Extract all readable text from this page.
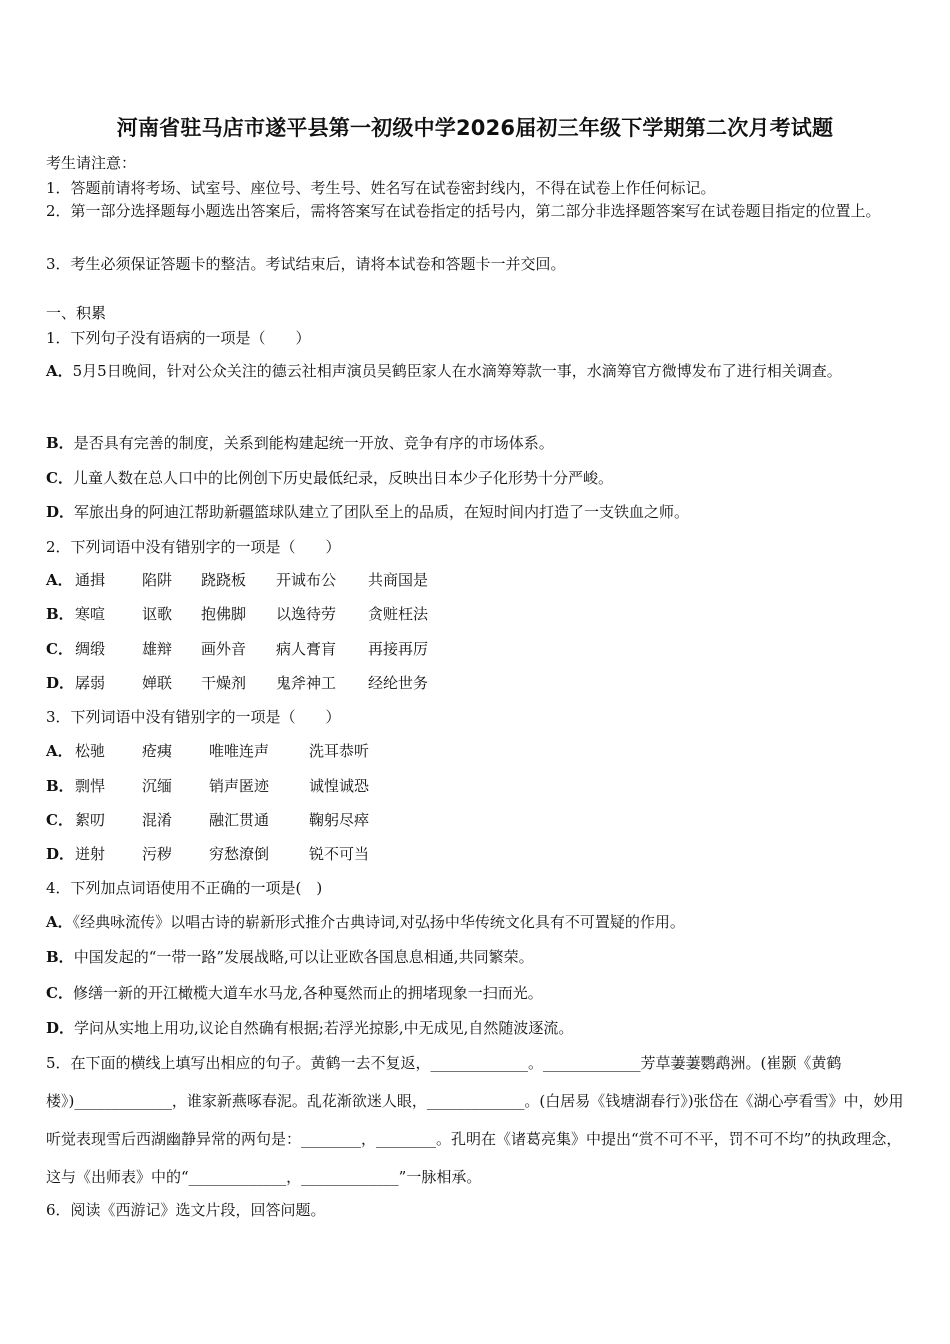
河南省驻马店市遂平县第一初级中学2026届初三年级下学期第二次月考试题
考生请注意：
1．答题前请将考场、试室号、座位号、考生号、姓名写在试卷密封线内，不得在试卷上作任何标记。
2．第一部分选择题每小题选出答案后，需将答案写在试卷指定的括号内，第二部分非选择题答案写在试卷题目指定的位置上。
3．考生必须保证答题卡的整洁。考试结束后，请将本试卷和答题卡一并交回。
一、积累
1．下列句子没有语病的一项是（　　）
A．5月5日晚间，针对公众关注的德云社相声演员吴鹤臣家人在水滴筹筹款一事，水滴筹官方微博发布了进行相关调查。
B．是否具有完善的制度，关系到能构建起统一开放、竞争有序的市场体系。
C．儿童人数在总人口中的比例创下历史最低纪录，反映出日本少子化形势十分严峻。
D．军旅出身的阿迪江帮助新疆篮球队建立了团队至上的品质，在短时间内打造了一支铁血之师。
2．下列词语中没有错别字的一项是（　　）
A． 通揖 陷阱 跷跷板 开诚布公 共商国是
B． 寒喧 讴歌 抱佛脚 以逸待劳 贪赃枉法
C． 绸缎 雄辩 画外音 病人膏肓 再接再厉
D． 孱弱 婵联 干燥剂 鬼斧神工 经纶世务
3．下列词语中没有错别字的一项是（　　）
A． 松驰 疮痍 唯唯连声	洗耳恭听
B． 剽悍 沉缅 销声匿迹	诚惶诚恐
C． 絮叨 混淆 融汇贯通	鞠躬尽瘁
D． 迸射 污秽 穷愁潦倒	锐不可当
4．下列加点词语使用不正确的一项是(　)
A．《经典咏流传》以唱古诗的崭新形式推介古典诗词,对弘扬中华传统文化具有不可置疑的作用。
B．中国发起的“一带一路”发展战略,可以让亚欧各国息息相通,共同繁荣。
C．修缮一新的开江橄榄大道车水马龙,各种戛然而止的拥堵现象一扫而光。
D．学问从实地上用功,议论自然确有根据;若浮光掠影,中无成见,自然随波逐流。
5．在下面的横线上填写出相应的句子。黄鹤一去不复返，_____________。_____________芳草萋萋鹦鹉洲。(崔颢《黄鹤楼》)_____________，谁家新燕啄春泥。乱花渐欲迷人眼，_____________。(白居易《钱塘湖春行》)张岱在《湖心亭看雪》中，妙用听觉表现雪后西湖幽静异常的两句是：________，________。孔明在《诸葛亮集》中提出“赏不可不平，罚不可不均”的执政理念，这与《出师表》中的“_____________，_____________”一脉相承。
6．阅读《西游记》选文片段，回答问题。
